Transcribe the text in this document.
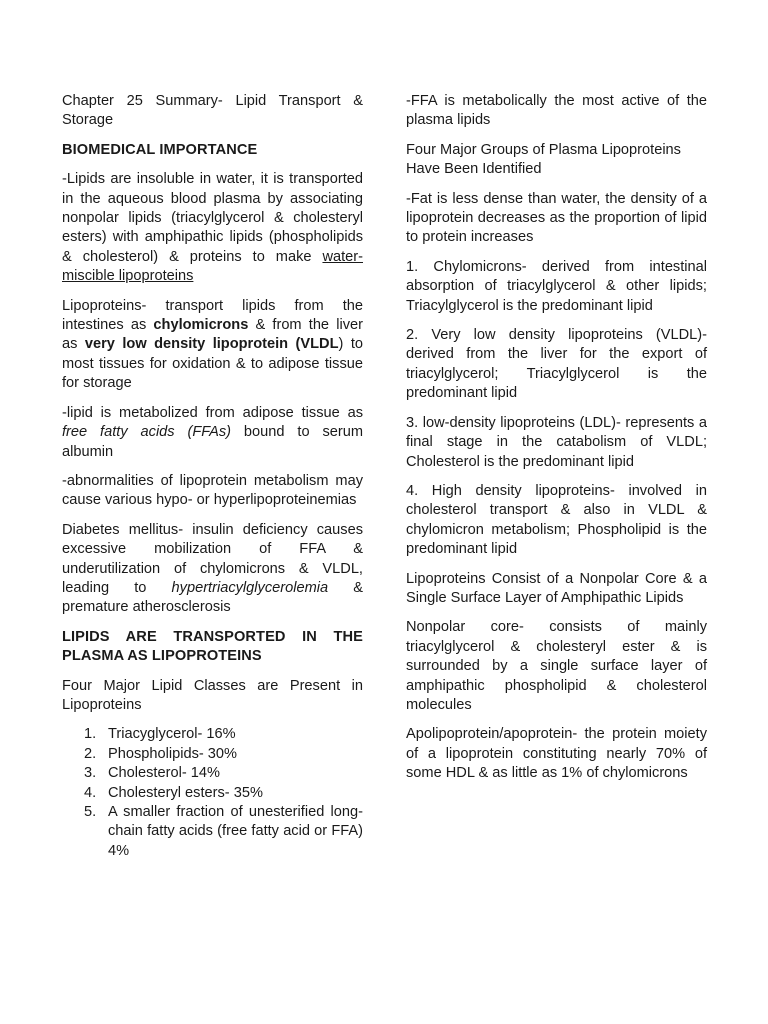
Chapter 25 Summary- Lipid Transport & Storage

BIOMEDICAL IMPORTANCE

-Lipids are insoluble in water, it is transported in the aqueous blood plasma by associating nonpolar lipids (triacylglycerol & cholesteryl esters) with amphipathic lipids (phospholipids & cholesterol) & proteins to make water-miscible lipoproteins

Lipoproteins- transport lipids from the intestines as chylomicrons & from the liver as very low density lipoprotein (VLDL) to most tissues for oxidation & to adipose tissue for storage

-lipid is metabolized from adipose tissue as free fatty acids (FFAs) bound to serum albumin

-abnormalities of lipoprotein metabolism may cause various hypo- or hyperlipoproteinemias

Diabetes mellitus- insulin deficiency causes excessive mobilization of FFA & underutilization of chylomicrons & VLDL, leading to hypertriacylglycerolemia & premature atherosclerosis

LIPIDS ARE TRANSPORTED IN THE PLASMA AS LIPOPROTEINS

Four Major Lipid Classes are Present in Lipoproteins

1. Triacyglycerol- 16%
2. Phospholipids- 30%
3. Cholesterol- 14%
4. Cholesteryl esters- 35%
5. A smaller fraction of unesterified long-chain fatty acids (free fatty acid or FFA) 4%

-FFA is metabolically the most active of the plasma lipids

Four Major Groups of Plasma Lipoproteins Have Been Identified

-Fat is less dense than water, the density of a lipoprotein decreases as the proportion of lipid to protein increases

1. Chylomicrons- derived from intestinal absorption of triacylglycerol & other lipids; Triacylglycerol is the predominant lipid

2. Very low density lipoproteins (VLDL)- derived from the liver for the export of triacylglycerol; Triacylglycerol is the predominant lipid

3. low-density lipoproteins (LDL)- represents a final stage in the catabolism of VLDL; Cholesterol is the predominant lipid

4. High density lipoproteins- involved in cholesterol transport & also in VLDL & chylomicron metabolism; Phospholipid is the predominant lipid

Lipoproteins Consist of a Nonpolar Core & a Single Surface Layer of Amphipathic Lipids

Nonpolar core- consists of mainly triacylglycerol & cholesteryl ester & is surrounded by a single surface layer of amphipathic phospholipid & cholesterol molecules

Apolipoprotein/apoprotein- the protein moiety of a lipoprotein constituting nearly 70% of some HDL & as little as 1% of chylomicrons
